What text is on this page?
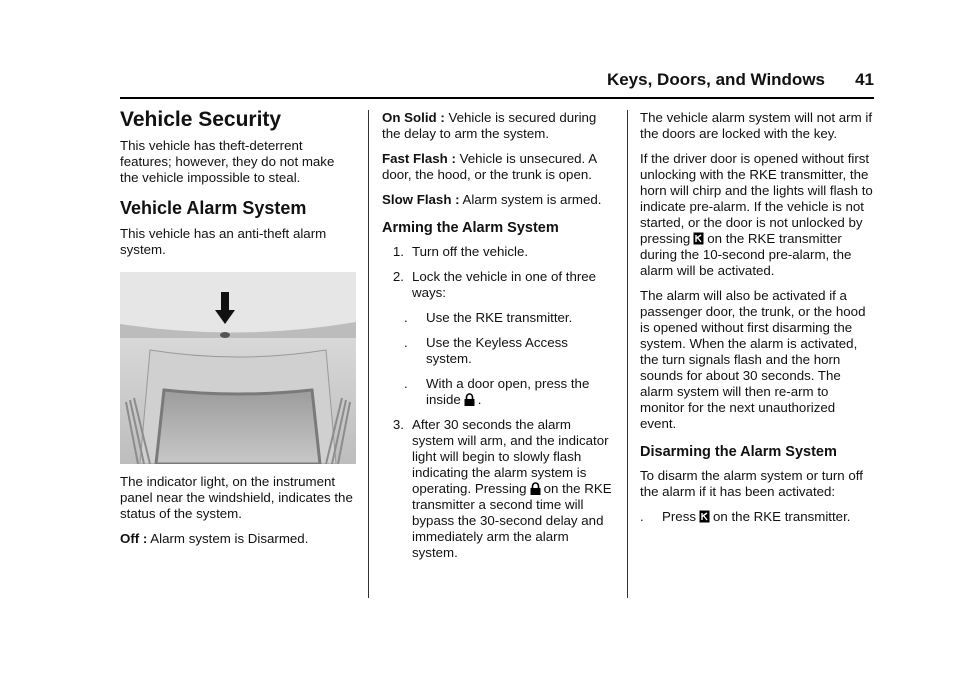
Keys, Doors, and Windows 41
Vehicle Security

This vehicle has theft-deterrent features; however, they do not make the vehicle impossible to steal.

Vehicle Alarm System

This vehicle has an anti-theft alarm system.

The indicator light, on the instrument panel near the windshield, indicates the status of the system.

Off : Alarm system is Disarmed.

On Solid : Vehicle is secured during the delay to arm the system.

Fast Flash : Vehicle is unsecured. A door, the hood, or the trunk is open.

Slow Flash : Alarm system is armed.

Arming the Alarm System
1. Turn off the vehicle.
2. Lock the vehicle in one of three ways:
.	Use the RKE transmitter.
.	Use the Keyless Access system.
.	With a door open, press the inside .
3. After 30 seconds the alarm system will arm, and the indicator light will begin to slowly flash indicating the alarm system is operating. Pressing on the RKE transmitter a second time will bypass the 30-second delay and immediately arm the alarm system.

The vehicle alarm system will not arm if the doors are locked with the key.

If the driver door is opened without first unlocking with the RKE transmitter, the horn will chirp and the lights will flash to indicate pre-alarm. If the vehicle is not started, or the door is not unlocked by pressing on the RKE transmitter during the 10-second pre-alarm, the alarm will be activated.

The alarm will also be activated if a passenger door, the trunk, or the hood is opened without first disarming the system. When the alarm is activated, the turn signals flash and the horn sounds for about 30 seconds. The alarm system will then re-arm to monitor for the next unauthorized event.

Disarming the Alarm System

To disarm the alarm system or turn off the alarm if it has been activated:

.	Press on the RKE transmitter.
